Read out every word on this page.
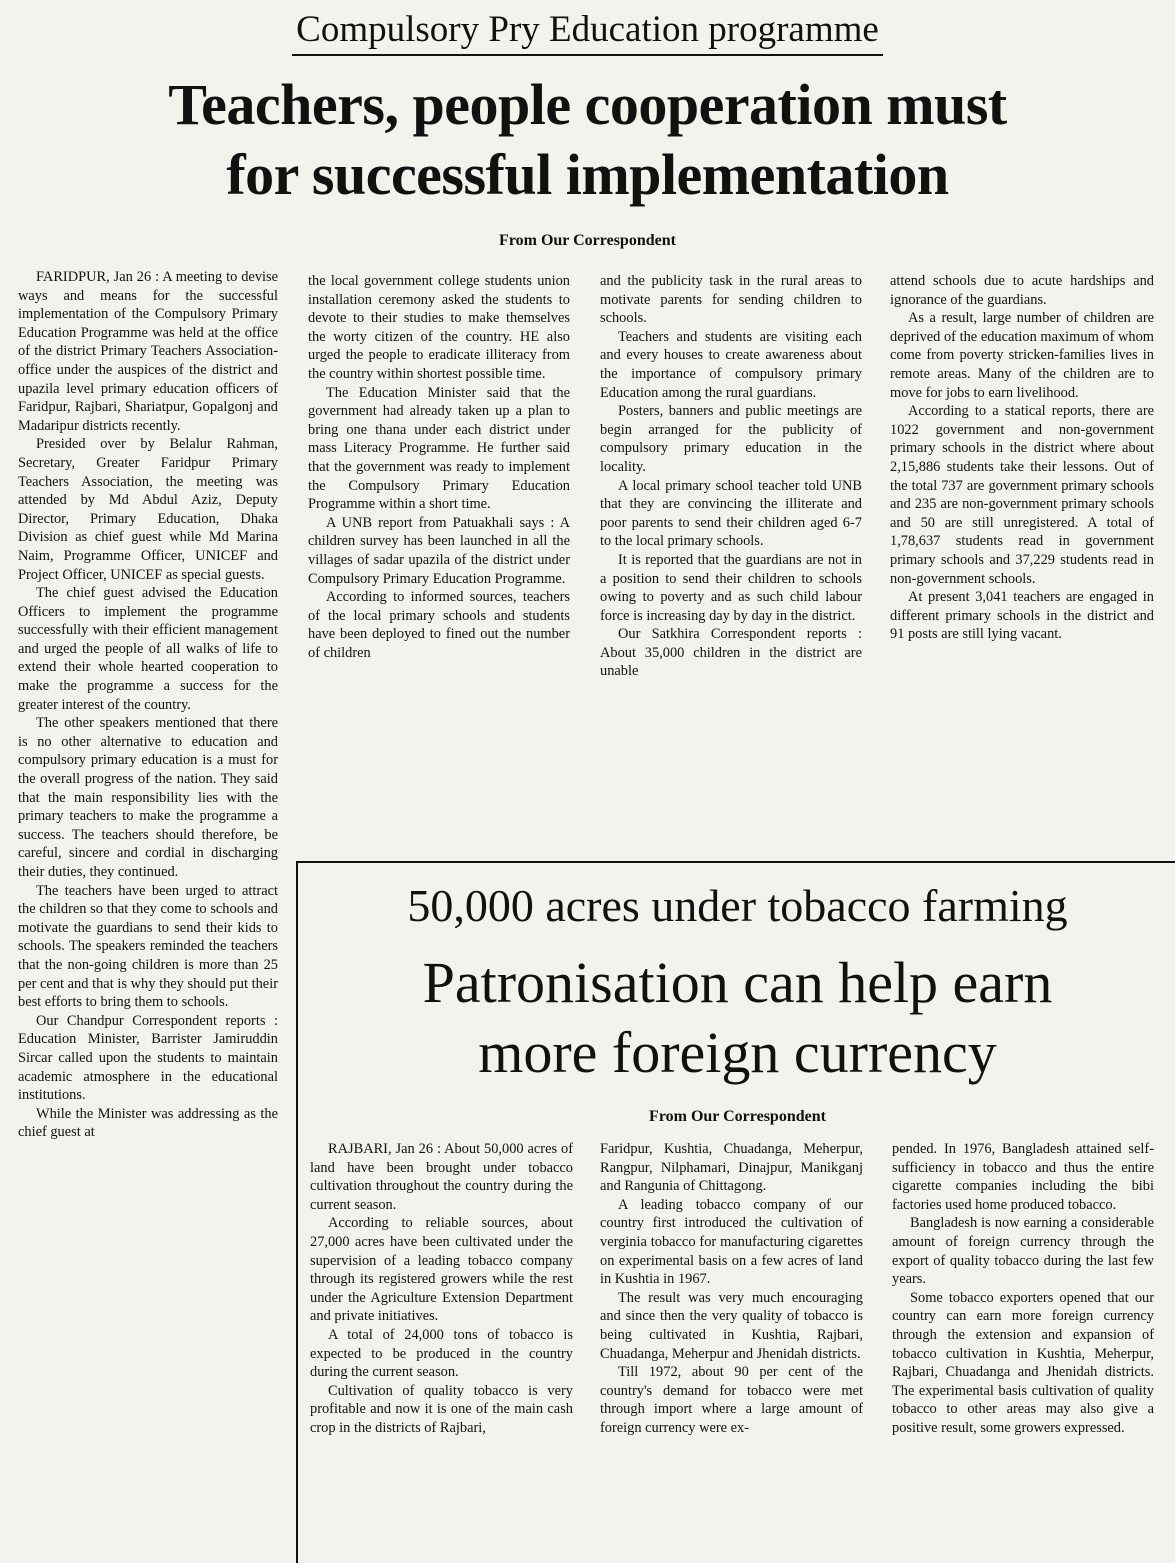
Compulsory Pry Education programme
Teachers, people cooperation must
for successful implementation
From Our Correspondent

FARIDPUR, Jan 26 : A meeting to devise ways and means for the successful implementation of the Compulsory Primary Education Programme was held at the office of the district Primary Teachers Association-office under the auspices of the district and upazila level primary education officers of Faridpur, Rajbari, Shariatpur, Gopalgonj and Madaripur districts recently.

Presided over by Belalur Rahman, Secretary, Greater Faridpur Primary Teachers Association, the meeting was attended by Md Abdul Aziz, Deputy Director, Primary Education, Dhaka Division as chief guest while Md Marina Naim, Programme Officer, UNICEF and Project Officer, UNICEF as special guests.

The chief guest advised the Education Officers to implement the programme successfully with their efficient management and urged the people of all walks of life to extend their whole hearted cooperation to make the programme a success for the greater interest of the country.

The other speakers mentioned that there is no other alternative to education and compulsory primary education is a must for the overall progress of the nation. They said that the main responsibility lies with the primary teachers to make the programme a success. The teachers should therefore, be careful, sincere and cordial in discharging their duties, they continued.

The teachers have been urged to attract the children so that they come to schools and motivate the guardians to send their kids to schools. The speakers reminded the teachers that the non-going children is more than 25 per cent and that is why they should put their best efforts to bring them to schools.

Our Chandpur Correspondent reports : Education Minister, Barrister Jamiruddin Sircar called upon the students to maintain academic atmosphere in the educational institutions.

While the Minister was addressing as the chief guest at

the local government college students union installation ceremony asked the students to devote to their studies to make themselves the worty citizen of the country. HE also urged the people to eradicate illiteracy from the country within shortest possible time.

The Education Minister said that the government had already taken up a plan to bring one thana under each district under mass Literacy Programme. He further said that the government was ready to implement the Compulsory Primary Education Programme within a short time.

A UNB report from Patuakhali says : A children survey has been launched in all the villages of sadar upazila of the district under Compulsory Primary Education Programme.

According to informed sources, teachers of the local primary schools and students have been deployed to fined out the number of children

and the publicity task in the rural areas to motivate parents for sending children to schools.

Teachers and students are visiting each and every houses to create awareness about the importance of compulsory primary Education among the rural guardians.

Posters, banners and public meetings are begin arranged for the publicity of compulsory primary education in the locality.

A local primary school teacher told UNB that they are convincing the illiterate and poor parents to send their children aged 6-7 to the local primary schools.

It is reported that the guardians are not in a position to send their children to schools owing to poverty and as such child labour force is increasing day by day in the district.

Our Satkhira Correspondent reports : About 35,000 children in the district are unable

attend schools due to acute hardships and ignorance of the guardians.

As a result, large number of children are deprived of the education maximum of whom come from poverty stricken-families lives in remote areas. Many of the children are to move for jobs to earn livelihood.

According to a statical reports, there are 1022 government and non-government primary schools in the district where about 2,15,886 students take their lessons. Out of the total 737 are government primary schools and 235 are non-government primary schools and 50 are still unregistered. A total of 1,78,637 students read in government primary schools and 37,229 students read in non-government schools.

At present 3,041 teachers are engaged in different primary schools in the district and 91 posts are still lying vacant.

50,000 acres under tobacco farming
Patronisation can help earn
more foreign currency
From Our Correspondent

RAJBARI, Jan 26 : About 50,000 acres of land have been brought under tobacco cultivation throughout the country during the current season.

According to reliable sources, about 27,000 acres have been cultivated under the supervision of a leading tobacco company through its registered growers while the rest under the Agriculture Extension Department and private initiatives.

A total of 24,000 tons of tobacco is expected to be produced in the country during the current season.

Cultivation of quality tobacco is very profitable and now it is one of the main cash crop in the districts of Rajbari,

Faridpur, Kushtia, Chuadanga, Meherpur, Rangpur, Nilphamari, Dinajpur, Manikganj and Rangunia of Chittagong.

A leading tobacco company of our country first introduced the cultivation of verginia tobacco for manufacturing cigarettes on experimental basis on a few acres of land in Kushtia in 1967.

The result was very much encouraging and since then the very quality of tobacco is being cultivated in Kushtia, Rajbari, Chuadanga, Meherpur and Jhenidah districts.

Till 1972, about 90 per cent of the country's demand for tobacco were met through import where a large amount of foreign currency were ex-

pended. In 1976, Bangladesh attained self-sufficiency in tobacco and thus the entire cigarette companies including the bibi factories used home produced tobacco.

Bangladesh is now earning a considerable amount of foreign currency through the export of quality tobacco during the last few years.

Some tobacco exporters opened that our country can earn more foreign currency through the extension and expansion of tobacco cultivation in Kushtia, Meherpur, Rajbari, Chuadanga and Jhenidah districts. The experimental basis cultivation of quality tobacco to other areas may also give a positive result, some growers expressed.
